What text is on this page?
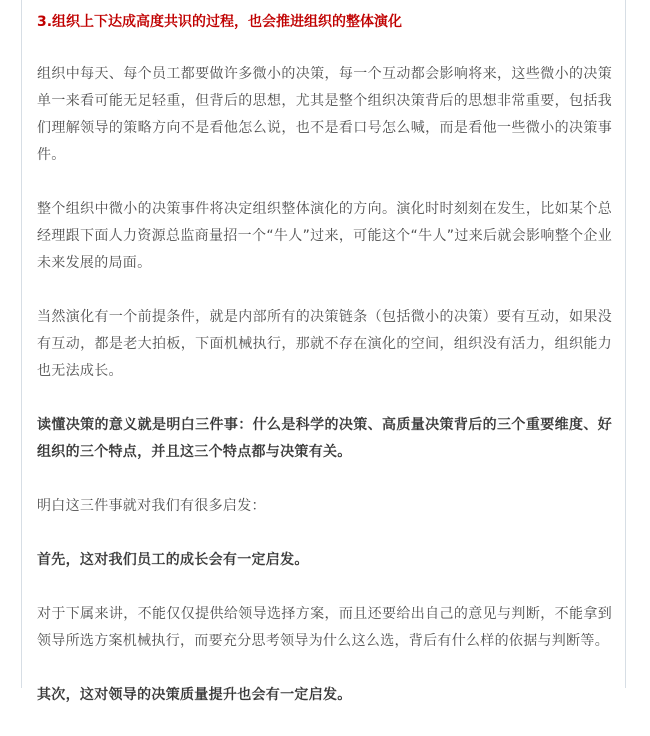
3.组织上下达成高度共识的过程，也会推进组织的整体演化

组织中每天、每个员工都要做许多微小的决策，每一个互动都会影响将来，这些微小的决策单一来看可能无足轻重，但背后的思想，尤其是整个组织决策背后的思想非常重要，包括我们理解领导的策略方向不是看他怎么说，也不是看口号怎么喊，而是看他一些微小的决策事件。

整个组织中微小的决策事件将决定组织整体演化的方向。演化时时刻刻在发生，比如某个总经理跟下面人力资源总监商量招一个“牛人”过来，可能这个“牛人”过来后就会影响整个企业未来发展的局面。

当然演化有一个前提条件，就是内部所有的决策链条（包括微小的决策）要有互动，如果没有互动，都是老大拍板，下面机械执行，那就不存在演化的空间，组织没有活力，组织能力也无法成长。

读懂决策的意义就是明白三件事：什么是科学的决策、高质量决策背后的三个重要维度、好组织的三个特点，并且这三个特点都与决策有关。

明白这三件事就对我们有很多启发：

首先，这对我们员工的成长会有一定启发。

对于下属来讲，不能仅仅提供给领导选择方案，而且还要给出自己的意见与判断，不能拿到领导所选方案机械执行，而要充分思考领导为什么这么选，背后有什么样的依据与判断等。

其次，这对领导的决策质量提升也会有一定启发。
